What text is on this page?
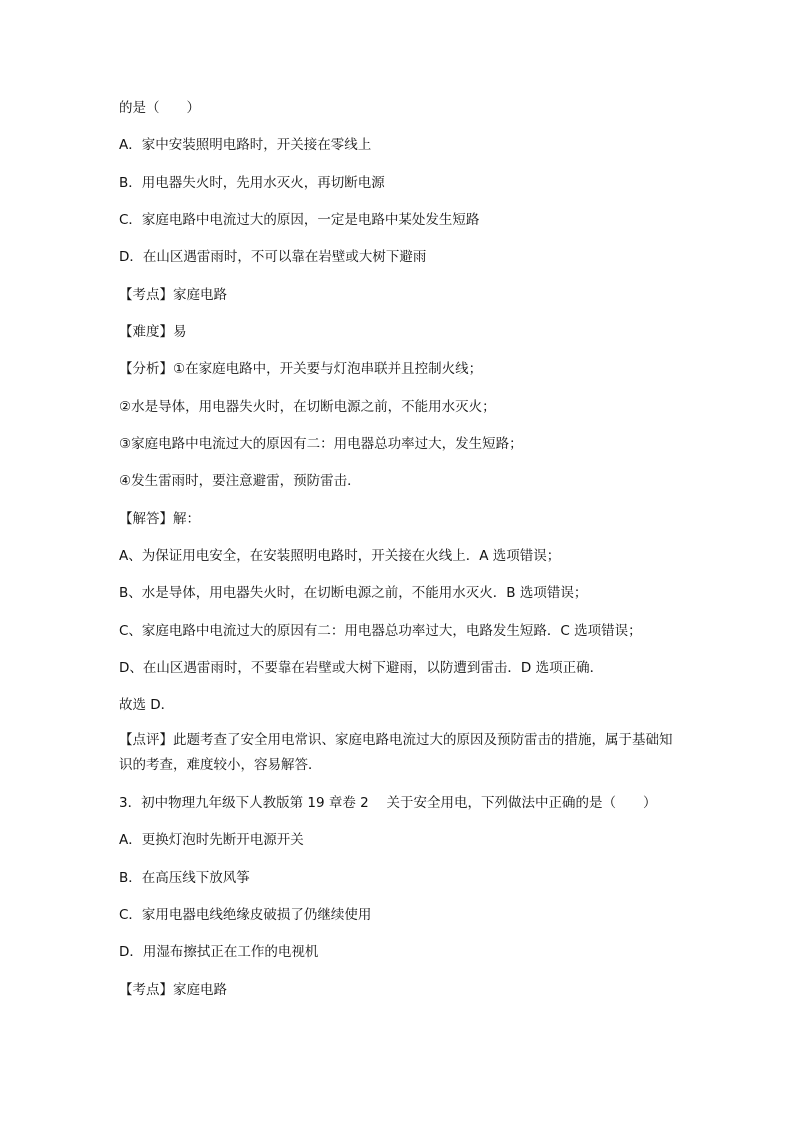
的是（　　）
A．家中安装照明电路时，开关接在零线上
B．用电器失火时，先用水灭火，再切断电源
C．家庭电路中电流过大的原因，一定是电路中某处发生短路
D．在山区遇雷雨时，不可以靠在岩壁或大树下避雨
【考点】家庭电路
【难度】易
【分析】①在家庭电路中，开关要与灯泡串联并且控制火线；
②水是导体，用电器失火时，在切断电源之前，不能用水灭火；
③家庭电路中电流过大的原因有二：用电器总功率过大，发生短路；
④发生雷雨时，要注意避雷，预防雷击．
【解答】解：
A、为保证用电安全，在安装照明电路时，开关接在火线上．A 选项错误；
B、水是导体，用电器失火时，在切断电源之前，不能用水灭火．B 选项错误；
C、家庭电路中电流过大的原因有二：用电器总功率过大，电路发生短路．C 选项错误；
D、在山区遇雷雨时，不要靠在岩壁或大树下避雨，以防遭到雷击．D 选项正确．
故选 D．
【点评】此题考查了安全用电常识、家庭电路电流过大的原因及预防雷击的措施，属于基础知识的考查，难度较小，容易解答．
3．初中物理九年级下人教版第 19 章卷 2　 关于安全用电，下列做法中正确的是（　　）
A．更换灯泡时先断开电源开关
B．在高压线下放风筝
C．家用电器电线绝缘皮破损了仍继续使用
D．用湿布擦拭正在工作的电视机
【考点】家庭电路
